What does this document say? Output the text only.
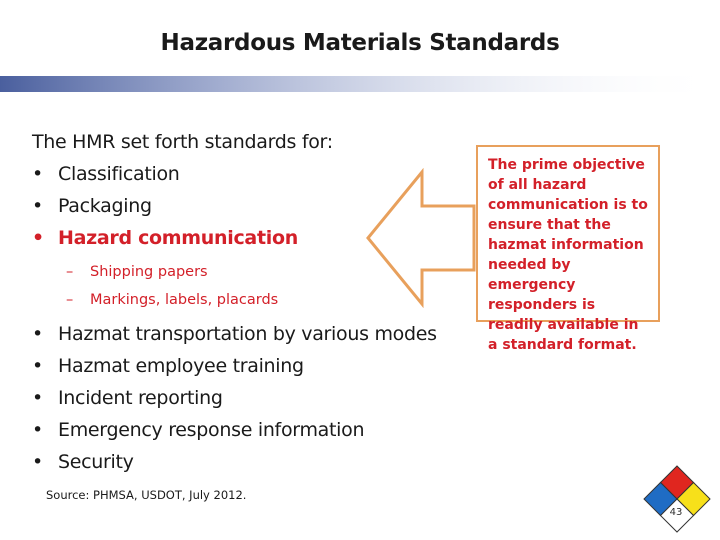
Hazardous Materials Standards
The HMR set forth standards for:
• Classification
• Packaging
• Hazard communication
– Shipping papers
– Markings, labels, placards
• Hazmat transportation by various modes
• Hazmat employee training
• Incident reporting
• Emergency response information
• Security
The prime objective of all hazard communication is to ensure that the hazmat information needed by emergency responders is readily available in a standard format.
Source: PHMSA, USDOT, July 2012.
43
